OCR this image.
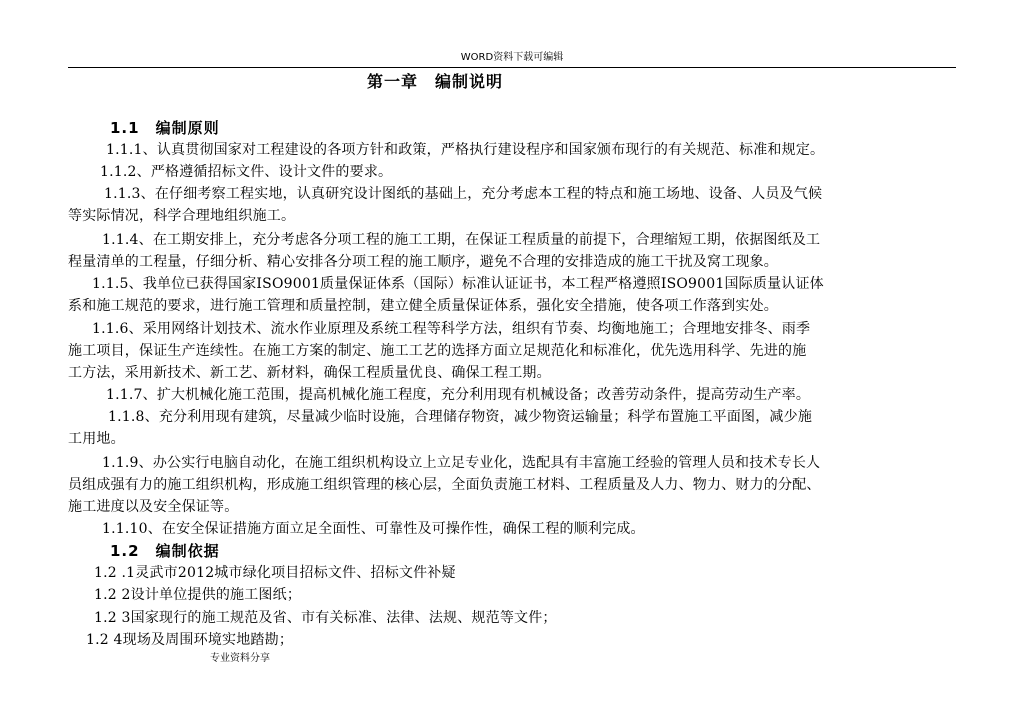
WORD资料下载可编辑
第一章　编制说明
1.1　编制原则
1.1.1、认真贯彻国家对工程建设的各项方针和政策，严格执行建设程序和国家颁布现行的有关规范、标准和规定。
1.1.2、严格遵循招标文件、设计文件的要求。
1.1.3、在仔细考察工程实地，认真研究设计图纸的基础上，充分考虑本工程的特点和施工场地、设备、人员及气候
等实际情况，科学合理地组织施工。
1.1.4、在工期安排上，充分考虑各分项工程的施工工期，在保证工程质量的前提下，合理缩短工期，依据图纸及工
程量清单的工程量，仔细分析、精心安排各分项工程的施工顺序，避免不合理的安排造成的施工干扰及窝工现象。
1.1.5、我单位已获得国家ISO9001质量保证体系（国际）标准认证证书，本工程严格遵照ISO9001国际质量认证体
系和施工规范的要求，进行施工管理和质量控制，建立健全质量保证体系，强化安全措施，使各项工作落到实处。
1.1.6、采用网络计划技术、流水作业原理及系统工程等科学方法，组织有节奏、均衡地施工；合理地安排冬、雨季
施工项目，保证生产连续性。在施工方案的制定、施工工艺的选择方面立足规范化和标准化，优先选用科学、先进的施
工方法，采用新技术、新工艺、新材料，确保工程质量优良、确保工程工期。
1.1.7、扩大机械化施工范围，提高机械化施工程度，充分利用现有机械设备；改善劳动条件，提高劳动生产率。
1.1.8、充分利用现有建筑，尽量减少临时设施，合理储存物资，减少物资运输量；科学布置施工平面图，减少施
工用地。
1.1.9、办公实行电脑自动化，在施工组织机构设立上立足专业化，选配具有丰富施工经验的管理人员和技术专长人
员组成强有力的施工组织机构，形成施工组织管理的核心层，全面负责施工材料、工程质量及人力、物力、财力的分配、
施工进度以及安全保证等。
1.1.10、在安全保证措施方面立足全面性、可靠性及可操作性，确保工程的顺利完成。
1.2　编制依据
1.2 .1灵武市2012城市绿化项目招标文件、招标文件补疑
1.2 2设计单位提供的施工图纸；
1.2 3国家现行的施工规范及省、市有关标准、法律、法规、规范等文件；
1.2 4现场及周围环境实地踏勘；
专业资料分享
